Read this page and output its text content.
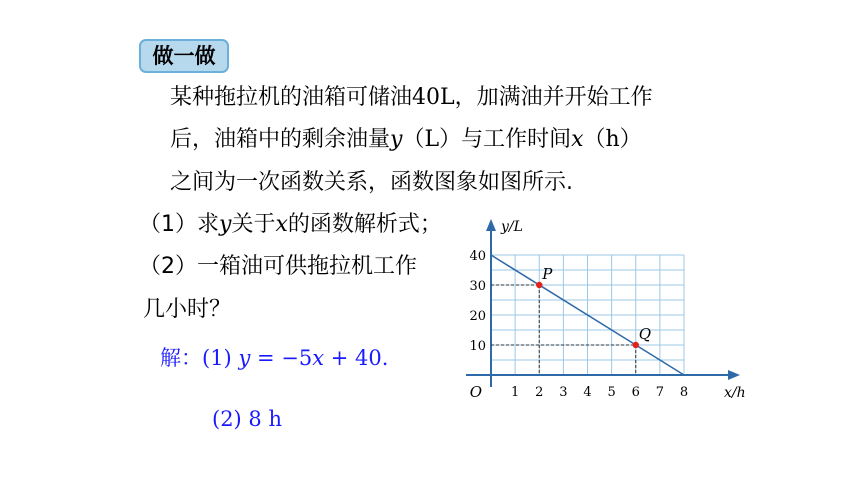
做一做
某种拖拉机的油箱可储油40L，加满油并开始工作
后，油箱中的剩余油量y（L）与工作时间x（h）
之间为一次函数关系，函数图象如图所示.
（1）求y关于x的函数解析式；
（2）一箱油可供拖拉机工作
几小时？
解：(1) y = −5x + 40.
(2) 8 h
1 2 3 4 5 6 7 8
10
20
30
40
O	x/h
y/L
P
Q
